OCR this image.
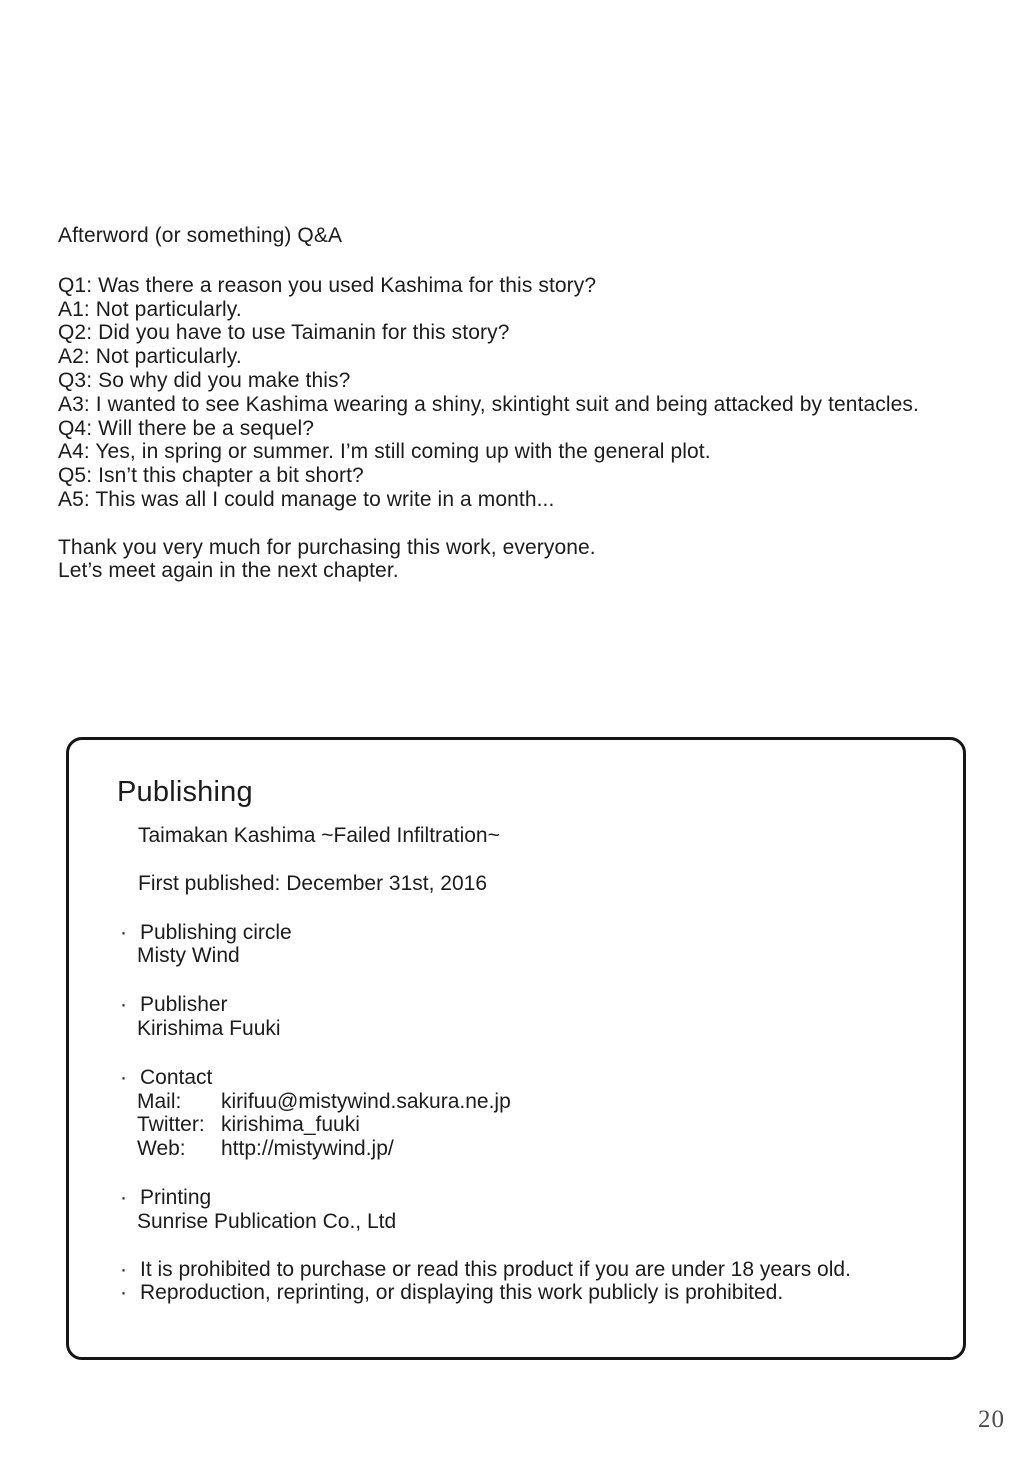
Afterword (or something) Q&A
Q1: Was there a reason you used Kashima for this story?
A1: Not particularly.
Q2: Did you have to use Taimanin for this story?
A2: Not particularly.
Q3: So why did you make this?
A3: I wanted to see Kashima wearing a shiny, skintight suit and being attacked by tentacles.
Q4: Will there be a sequel?
A4: Yes, in spring or summer. I’m still coming up with the general plot.
Q5: Isn’t this chapter a bit short?
A5: This was all I could manage to write in a month...
Thank you very much for purchasing this work, everyone.
Let’s meet again in the next chapter.
Publishing
Taimakan Kashima ~Failed Infiltration~
First published: December 31st, 2016
· Publishing circle
Misty Wind
· Publisher
Kirishima Fuuki
· Contact
Mail:	kirifuu@mistywind.sakura.ne.jp
Twitter: kirishima_fuuki
Web:	http://mistywind.jp/
· Printing
Sunrise Publication Co., Ltd
· It is prohibited to purchase or read this product if you are under 18 years old.
· Reproduction, reprinting, or displaying this work publicly is prohibited.
20
